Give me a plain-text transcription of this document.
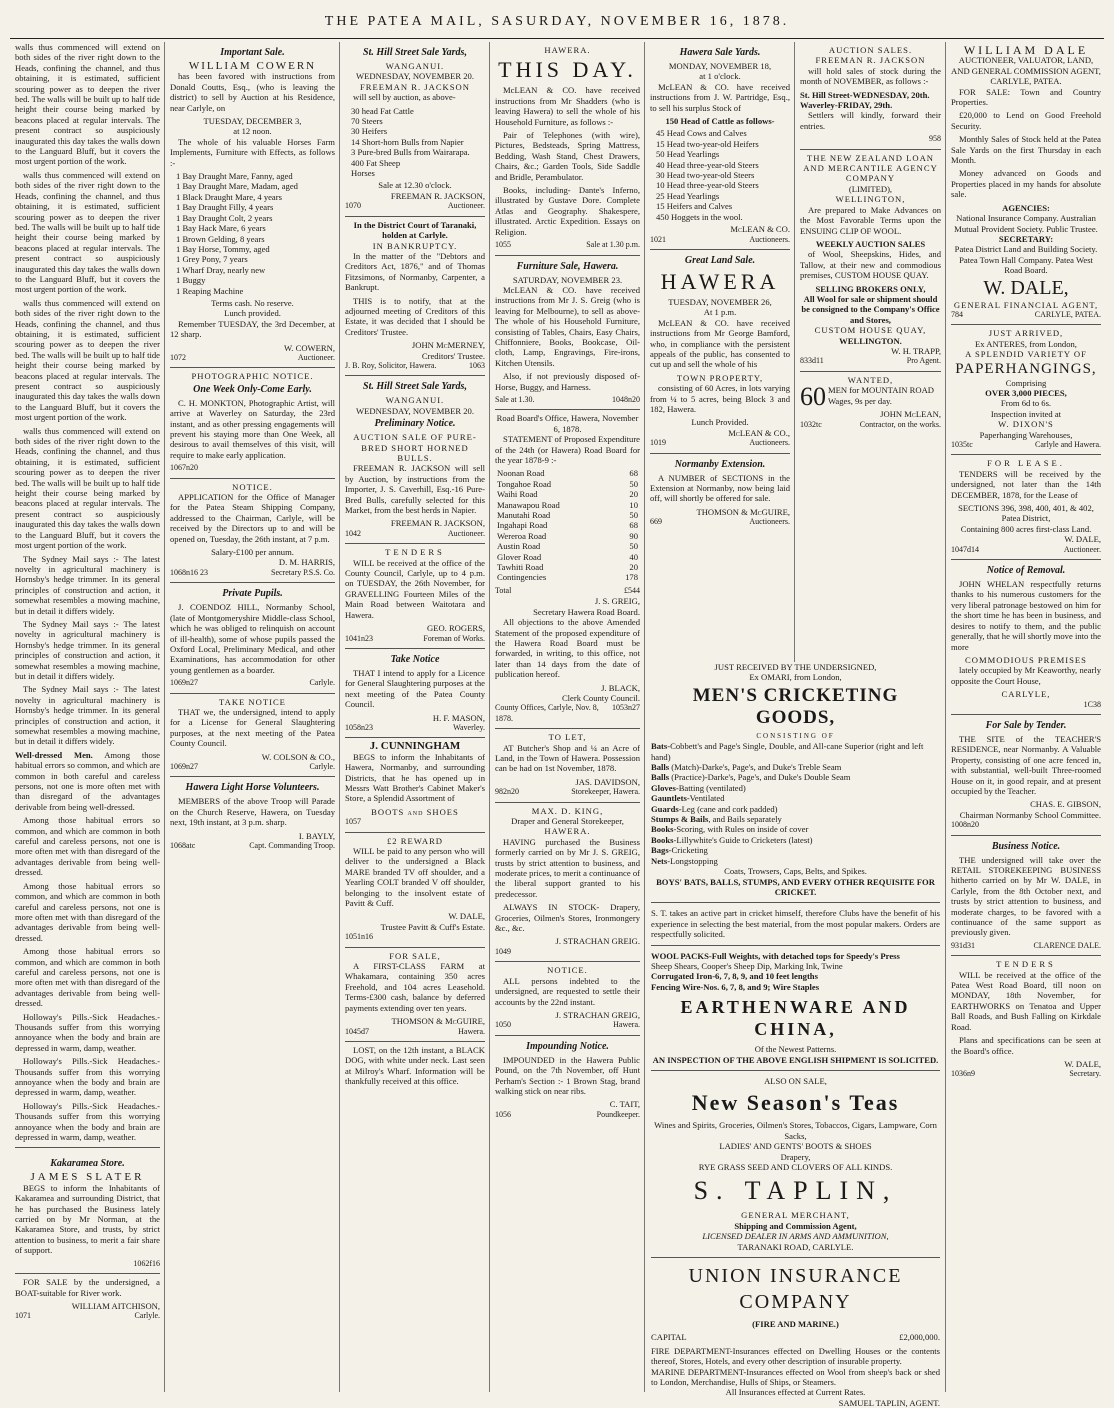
THE PATEA MAIL, SASURDAY, NOVEMBER 16, 1878.

walls thus commenced will extend on both sides of the river right down to the Heads, confining the channel, and thus obtaining, it is estimated, sufficient scouring power as to deepen the river bed. The walls will be built up to half tide height their course being marked by beacons placed at regular intervals. The present contract so auspiciously inaugurated this day takes the walls down to the Languard Bluff, but it covers the most urgent portion of the work.

walls thus commenced will extend on both sides of the river right down to the Heads, confining the channel, and thus obtaining, it is estimated, sufficient scouring power as to deepen the river bed. The walls will be built up to half tide height their course being marked by beacons placed at regular intervals. The present contract so auspiciously inaugurated this day takes the walls down to the Languard Bluff, but it covers the most urgent portion of the work.

walls thus commenced will extend on both sides of the river right down to the Heads, confining the channel, and thus obtaining, it is estimated, sufficient scouring power as to deepen the river bed. The walls will be built up to half tide height their course being marked by beacons placed at regular intervals. The present contract so auspiciously inaugurated this day takes the walls down to the Languard Bluff, but it covers the most urgent portion of the work.

walls thus commenced will extend on both sides of the river right down to the Heads, confining the channel, and thus obtaining, it is estimated, sufficient scouring power as to deepen the river bed. The walls will be built up to half tide height their course being marked by beacons placed at regular intervals. The present contract so auspiciously inaugurated this day takes the walls down to the Languard Bluff, but it covers the most urgent portion of the work.

The Sydney Mail says :- The latest novelty in agricultural machinery is Hornsby's hedge trimmer. In its general principles of construction and action, it somewhat resembles a mowing machine, but in detail it differs widely.

The Sydney Mail says :- The latest novelty in agricultural machinery is Hornsby's hedge trimmer. In its general principles of construction and action, it somewhat resembles a mowing machine, but in detail it differs widely.

The Sydney Mail says :- The latest novelty in agricultural machinery is Hornsby's hedge trimmer. In its general principles of construction and action, it somewhat resembles a mowing machine, but in detail it differs widely.

Well-dressed Men. Among those habitual errors so common, and which are common in both careful and careless persons, not one is more often met with than disregard of the advantages derivable from being well-dressed.

Among those habitual errors so common, and which are common in both careful and careless persons, not one is more often met with than disregard of the advantages derivable from being well-dressed.

Among those habitual errors so common, and which are common in both careful and careless persons, not one is more often met with than disregard of the advantages derivable from being well-dressed.

Among those habitual errors so common, and which are common in both careful and careless persons, not one is more often met with than disregard of the advantages derivable from being well-dressed.

Holloway's Pills.-Sick Headaches.-Thousands suffer from this worrying annoyance when the body and brain are depressed in warm, damp, weather.

Holloway's Pills.-Sick Headaches.-Thousands suffer from this worrying annoyance when the body and brain are depressed in warm, damp, weather.

Holloway's Pills.-Sick Headaches.-Thousands suffer from this worrying annoyance when the body and brain are depressed in warm, damp, weather.

Kakaramea Store.
JAMES SLATER

BEGS to inform the Inhabitants of Kakaramea and surrounding District, that he has purchased the Business lately carried on by Mr Norman, at the Kakaramea Store, and trusts, by strict attention to business, to merit a fair share of support.

1062f16

FOR SALE by the undersigned, a BOAT-suitable for River work.

WILLIAM AITCHISON,
1071	Carlyle.
Important Sale.
WILLIAM COWERN

has been favored with instructions from Donald Coutts, Esq., (who is leaving the district) to sell by Auction at his Residence, near Carlyle, on

TUESDAY, DECEMBER 3,
at 12 noon.

The whole of his valuable Horses Farm Implements, Furniture with Effects, as follows :-

1 Bay Draught Mare, Fanny, aged
1 Bay Draught Mare, Madam, aged
1 Black Draught Mare, 4 years
1 Bay Draught Filly, 4 years
1 Bay Draught Colt, 2 years
1 Bay Hack Mare, 6 years
1 Brown Gelding, 8 years
1 Bay Horse, Tommy, aged
1 Grey Pony, 7 years
1 Wharf Dray, nearly new
1 Buggy
1 Reaping Machine
Terms cash. No reserve.
Lunch provided.

Remember TUESDAY, the 3rd December, at 12 sharp.

W. COWERN,
1072	Auctioneer.
PHOTOGRAPHIC NOTICE.
One Week Only-Come Early.

C. H. MONKTON, Photographic Artist, will arrive at Waverley on Saturday, the 23rd instant, and as other pressing engagements will prevent his staying more than One Week, all desirous to avail themselves of this visit, will require to make early application.

1067n20
NOTICE.

APPLICATION for the Office of Manager for the Patea Steam Shipping Company, addressed to the Chairman, Carlyle, will be received by the Directors up to and will be opened on, Tuesday, the 26th instant, at 7 p.m.

Salary-£100 per annum.
D. M. HARRIS,
1068n16 23	Secretary P.S.S. Co.
Private Pupils.

J. COENDOZ HILL, Normanby School, (late of Montgomeryshire Middle-class School, which he was obliged to relinquish on account of ill-health), some of whose pupils passed the Oxford Local, Preliminary Medical, and other Examinations, has accommodation for other young gentlemen as a boarder.

1069n27	Carlyle.
TAKE NOTICE

THAT we, the undersigned, intend to apply for a License for General Slaughtering purposes, at the next meeting of the Patea County Council.

W. COLSON & CO.,
1069n27	Carlyle.
Hawera Light Horse Volunteers.

MEMBERS of the above Troop will Parade on the Church Reserve, Hawera, on Tuesday next, 19th instant, at 3 p.m. sharp.

I. BAYLY,
1068atc	Capt. Commanding Troop.
St. Hill Street Sale Yards,
WANGANUI.
WEDNESDAY, NOVEMBER 20.
FREEMAN R. JACKSON

will sell by auction, as above-

30 head Fat Cattle
70 Steers
30 Heifers
14 Short-horn Bulls from Napier
3 Pure-bred Bulls from Wairarapa.
400 Fat Sheep
Horses
Sale at 12.30 o'clock.
FREEMAN R. JACKSON,
1070	Auctioneer.
In the District Court of Taranaki, holden at Carlyle.
IN BANKRUPTCY.

In the matter of the "Debtors and Creditors Act, 1876," and of Thomas Fitzsimons, of Normanby, Carpenter, a Bankrupt.

THIS is to notify, that at the adjourned meeting of Creditors of this Estate, it was decided that I should be Creditors' Trustee.

JOHN McMERNEY,
Creditors' Trustee.
J. B. Roy, Solicitor, Hawera.	1063
St. Hill Street Sale Yards,
WANGANUI.
WEDNESDAY, NOVEMBER 20.
Preliminary Notice.
AUCTION SALE OF PURE-BRED SHORT HORNED BULLS.

FREEMAN R. JACKSON will sell by Auction, by instructions from the Importer, J. S. Caverhill, Esq.-16 Pure-Bred Bulls, carefully selected for this Market, from the best herds in Napier.

FREEMAN R. JACKSON,
1042	Auctioneer.
TENDERS

WILL be received at the office of the County Council, Carlyle, up to 4 p.m. on TUESDAY, the 26th November, for GRAVELLING Fourteen Miles of the Main Road between Waitotara and Hawera.

GEO. ROGERS,
1041n23	Foreman of Works.
Take Notice

THAT I intend to apply for a Licence for General Slaughtering purposes at the next meeting of the Patea County Council.

H. F. MASON,
1058n23	Waverley.
J. CUNNINGHAM

BEGS to inform the Inhabitants of Hawera, Normanby, and surrounding Districts, that he has opened up in Messrs Watt Brother's Cabinet Maker's Store, a Splendid Assortment of

BOOTS and SHOES
1057
£2 REWARD

WILL be paid to any person who will deliver to the undersigned a Black MARE branded TV off shoulder, and a Yearling COLT branded V off shoulder, belonging to the insolvent estate of Pavitt & Cuff.

W. DALE,
Trustee Pavitt & Cuff's Estate.
1051n16
FOR SALE,

A FIRST-CLASS FARM at Whakamara, containing 350 acres Freehold, and 104 acres Leasehold. Terms-£300 cash, balance by deferred payments extending over ten years.

THOMSON & McGUIRE,
1045d7	Hawera.

LOST, on the 12th instant, a BLACK DOG, with white under neck. Last seen at Milroy's Wharf. Information will be thankfully received at this office.

HAWERA.
THIS DAY.

McLEAN & CO. have received instructions from Mr Shadders (who is leaving Hawera) to sell the whole of his Household Furniture, as follows :-

Pair of Telephones (with wire), Pictures, Bedsteads, Spring Mattress, Bedding, Wash Stand, Chest Drawers, Chairs, &c.; Garden Tools, Side Saddle and Bridle, Perambulator.

Books, including- Dante's Inferno, illustrated by Gustave Dore. Complete Atlas and Geography. Shakespere, illustrated. Arctic Expedition. Essays on Religion.

1055	Sale at 1.30 p.m.
Furniture Sale, Hawera.
SATURDAY, NOVEMBER 23.

McLEAN & CO. have received instructions from Mr J. S. Greig (who is leaving for Melbourne), to sell as above- The whole of his Household Furniture, consisting of Tables, Chairs, Easy Chairs, Chiffonniere, Books, Bookcase, Oil-cloth, Lamp, Engravings, Fire-irons, Kitchen Utensils.

Also, if not previously disposed of- Horse, Buggy, and Harness.

Sale at 1.30.	1048n20
Road Board's Office, Hawera, November 6, 1878.

STATEMENT of Proposed Expenditure of the 24th (or Hawera) Road Board for the year 1878-9 :-

Noonan Road	68
Tongahoe Road	50
Waihi Road	20
Manawapou Road	10
Manutahi Road	50
Ingahapi Road	68
Wereroa Road	90
Austin Road	50
Glover Road	40
Tawhiti Road	20
Contingencies	178
Total	£544
J. S. GREIG,
Secretary Hawera Road Board.

All objections to the above Amended Statement of the proposed expenditure of the Hawera Road Board must be forwarded, in writing, to this office, not later than 14 days from the date of publication hereof.

J. BLACK,
Clerk County Council.
County Offices, Carlyle, Nov. 8, 1878.
1053n27
TO LET,

AT Butcher's Shop and ¼ an Acre of Land, in the Town of Hawera. Possession can be had on 1st November, 1878.

JAS. DAVIDSON,
982n20	Storekeeper, Hawera.
MAX. D. KING,
Draper and General Storekeeper,
HAWERA.

HAVING purchased the Business formerly carried on by Mr J. S. GREIG, trusts by strict attention to business, and moderate prices, to merit a continuance of the liberal support granted to his predecessor.

ALWAYS IN STOCK- Drapery, Groceries, Oilmen's Stores, Ironmongery &c., &c.

J. STRACHAN GREIG.
1049
NOTICE.

ALL persons indebted to the undersigned, are requested to settle their accounts by the 22nd instant.

J. STRACHAN GREIG,
1050	Hawera.
Impounding Notice.

IMPOUNDED in the Hawera Public Pound, on the 7th November, off Hunt Perham's Section :- 1 Brown Stag, brand walking stick on near ribs.

C. TAIT,
1056	Poundkeeper.
Hawera Sale Yards.
MONDAY, NOVEMBER 18,
at 1 o'clock.

McLEAN & CO. have received instructions from J. W. Partridge, Esq., to sell his surplus Stock of

150 Head of Cattle as follows-
45 Head Cows and Calves
15 Head two-year-old Heifers
50 Head Yearlings
40 Head three-year-old Steers
30 Head two-year-old Steers
10 Head three-year-old Steers
25 Head Yearlings
15 Heifers and Calves
450 Hoggets in the wool.
McLEAN & CO.
1021	Auctioneers.
Great Land Sale.
HAWERA
TUESDAY, NOVEMBER 26,
At 1 p.m.

McLEAN & CO. have received instructions from Mr George Bamford, who, in compliance with the persistent appeals of the public, has consented to cut up and sell the whole of his

TOWN PROPERTY,

consisting of 60 Acres, in lots varying from ¼ to 5 acres, being Block 3 and 182, Hawera.

Lunch Provided.
McLEAN & CO.,
1019	Auctioneers.
Normanby Extension.

A NUMBER of SECTIONS in the Extension at Normanby, now being laid off, will shortly be offered for sale.

THOMSON & McGUIRE,
669	Auctioneers.
AUCTION SALES.
FREEMAN R. JACKSON

will hold sales of stock during the month of NOVEMBER, as follows :-

St. Hill Street-WEDNESDAY, 20th.
Waverley-FRIDAY, 29th.

Settlers will kindly, forward their entries.

958
THE NEW ZEALAND LOAN AND MERCANTILE AGENCY COMPANY
(LIMITED),
WELLINGTON,

Are prepared to Make Advances on the Most Favorable Terms upon the ENSUING CLIP OF WOOL.

WEEKLY AUCTION SALES

of Wool, Sheepskins, Hides, and Tallow, at their new and commodious premises, CUSTOM HOUSE QUAY.

SELLING BROKERS ONLY,
All Wool for sale or shipment should be consigned to the Company's Office and Stores,
CUSTOM HOUSE QUAY,
WELLINGTON.
W. H. TRAPP,
833d11	Pro Agent.
WANTED,
60 MEN for MOUNTAIN ROAD Wages, 9s per day.
JOHN McLEAN,
1032tc	Contractor, on the works.
WILLIAM DALE
AUCTIONEER, VALUATOR, LAND, AND GENERAL COMMISSION AGENT, CARLYLE, PATEA.

FOR SALE: Town and Country Properties.

£20,000 to Lend on Good Freehold Security.

Monthly Sales of Stock held at the Patea Sale Yards on the first Thursday in each Month.

Money advanced on Goods and Properties placed in my hands for absolute sale.

AGENCIES:
National Insurance Company. Australian Mutual Provident Society. Public Trustee.
SECRETARY:
Patea District Land and Building Society. Patea Town Hall Company. Patea West Road Board.
W. DALE,
GENERAL FINANCIAL AGENT,
784	CARLYLE, PATEA.
JUST ARRIVED,
Ex ANTERES, from London,
A SPLENDID VARIETY OF
PAPERHANGINGS,
Comprising
OVER 3,000 PIECES,
From 6d to 6s.
Inspection invited at
W. DIXON'S
Paperhanging Warehouses,
1035tc	Carlyle and Hawera.
FOR LEASE.

TENDERS will be received by the undersigned, not later than the 14th DECEMBER, 1878, for the Lease of

SECTIONS 396, 398, 400, 401, & 402,
Patea District,
Containing 800 acres first-class Land.
W. DALE,
1047d14	Auctioneer.
Notice of Removal.

JOHN WHELAN respectfully returns thanks to his numerous customers for the very liberal patronage bestowed on him for the short time he has been in business, and desires to notify to them, and the public generally, that he will shortly move into the more

COMMODIOUS PREMISES

lately occupied by Mr Keaworthy, nearly opposite the Court House,

CARLYLE,
1C38
For Sale by Tender.

THE SITE of the TEACHER'S RESIDENCE, near Normanby. A Valuable Property, consisting of one acre fenced in, with substantial, well-built Three-roomed House on it, in good repair, and at present occupied by the Teacher.

CHAS. E. GIBSON,
Chairman Normanby School Committee.
1008n20
Business Notice.

THE undersigned will take over the RETAIL STOREKEEPING BUSINESS hitherto carried on by Mr W. DALE, in Carlyle, from the 8th October next, and trusts by strict attention to business, and moderate charges, to be favored with a continuance of the same support as previously given.

931d31	CLARENCE DALE.
TENDERS

WILL be received at the office of the Patea West Road Board, till noon on MONDAY, 18th November, for EARTHWORKS on Tenatoa and Upper Ball Roads, and Bush Falling on Kirkdale Road.

Plans and specifications can be seen at the Board's office.

W. DALE,
1036n9	Secretary.
JUST RECEIVED BY THE UNDERSIGNED,
Ex OMARI, from London,
MEN'S CRICKETING GOODS,
CONSISTING OF
Bats-Cobbett's and Page's Single, Double, and All-cane Superior (right and left hand)
Balls (Match)-Darke's, Page's, and Duke's Treble Seam
Balls (Practice)-Darke's, Page's, and Duke's Double Seam
Gloves-Batting (ventilated)
Gauntlets-Ventilated
Guards-Leg (cane and cork padded)
Stumps & Bails, and Bails separately
Books-Scoring, with Rules on inside of cover
Books-Lillywhite's Guide to Cricketers (latest)
Bags-Cricketing
Nets-Longstopping
Coats, Trowsers, Caps, Belts, and Spikes.
BOYS' BATS, BALLS, STUMPS, AND EVERY OTHER REQUISITE FOR CRICKET.

S. T. takes an active part in cricket himself, therefore Clubs have the benefit of his experience in selecting the best material, from the most popular makers. Orders are respectfully solicited.

WOOL PACKS-Full Weights, with detached tops for Speedy's Press
Sheep Shears, Cooper's Sheep Dip, Marking Ink, Twine
Corrugated Iron-6, 7, 8, 9, and 10 feet lengths
Fencing Wire-Nos. 6, 7, 8, and 9; Wire Staples
EARTHENWARE AND CHINA,
Of the Newest Patterns.
AN INSPECTION OF THE ABOVE ENGLISH SHIPMENT IS SOLICITED.
ALSO ON SALE,
New Season's Teas
Wines and Spirits, Groceries, Oilmen's Stores, Tobaccos, Cigars, Lampware, Corn Sacks,
LADIES' AND GENTS' BOOTS & SHOES
Drapery,
RYE GRASS SEED AND CLOVERS OF ALL KINDS.
S. TAPLIN,
GENERAL MERCHANT,
Shipping and Commission Agent,
LICENSED DEALER IN ARMS AND AMMUNITION,
TARANAKI ROAD, CARLYLE.
UNION INSURANCE COMPANY
(FIRE AND MARINE.)
CAPITAL	£2,000,000.

FIRE DEPARTMENT-Insurances effected on Dwelling Houses or the contents thereof, Stores, Hotels, and every other description of insurable property.

MARINE DEPARTMENT-Insurances effected on Wool from sheep's back or shed to London, Merchandise, Hulls of Ships, or Steamers.

All Insurances effected at Current Rates.
SAMUEL TAPLIN, AGENT.
